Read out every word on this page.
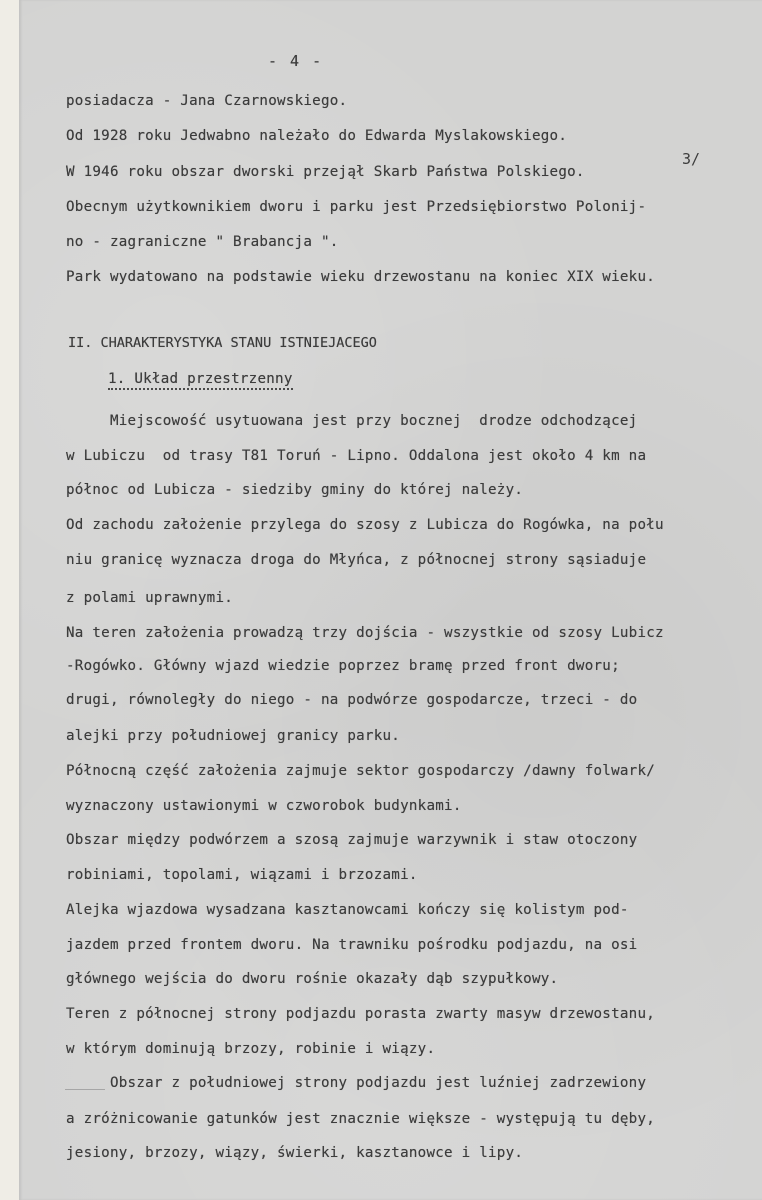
- 4 -
posiadacza - Jana Czarnowskiego.
Od 1928 roku Jedwabno należało do Edwarda Myslakowskiego.
W 1946 roku obszar dworski przejął Skarb Państwa Polskiego.
3/
Obecnym użytkownikiem dworu i parku jest Przedsiębiorstwo Polonij-
no - zagraniczne " Brabancja ".
Park wydatowano na podstawie wieku drzewostanu na koniec XIX wieku.
II. CHARAKTERYSTYKA STANU ISTNIEJACEGO
1. Układ przestrzenny
Miejscowość usytuowana jest przy bocznej  drodze odchodzącej
w Lubiczu  od trasy T81 Toruń - Lipno. Oddalona jest około 4 km na
północ od Lubicza - siedziby gminy do której należy.
Od zachodu założenie przylega do szosy z Lubicza do Rogówka, na połu
niu granicę wyznacza droga do Młyńca, z północnej strony sąsiaduje
z polami uprawnymi.
Na teren założenia prowadzą trzy dojścia - wszystkie od szosy Lubicz
-Rogówko. Główny wjazd wiedzie poprzez bramę przed front dworu;
drugi, równoległy do niego - na podwórze gospodarcze, trzeci - do
alejki przy południowej granicy parku.
Północną część założenia zajmuje sektor gospodarczy /dawny folwark/
wyznaczony ustawionymi w czworobok budynkami.
Obszar między podwórzem a szosą zajmuje warzywnik i staw otoczony
robiniami, topolami, wiązami i brzozami.
Alejka wjazdowa wysadzana kasztanowcami kończy się kolistym pod-
jazdem przed frontem dworu. Na trawniku pośrodku podjazdu, na osi
głównego wejścia do dworu rośnie okazały dąb szypułkowy.
Teren z północnej strony podjazdu porasta zwarty masyw drzewostanu,
w którym dominują brzozy, robinie i wiązy.
Obszar z południowej strony podjazdu jest luźniej zadrzewiony
a zróżnicowanie gatunków jest znacznie większe - występują tu dęby,
jesiony, brzozy, wiązy, świerki, kasztanowce i lipy.
